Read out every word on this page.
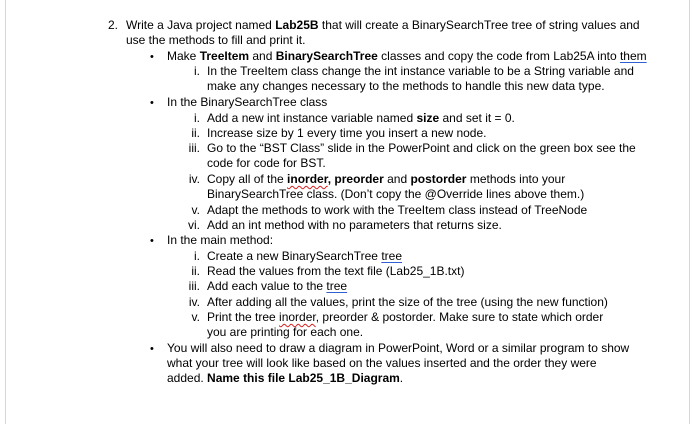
2. Write a Java project named Lab25B that will create a BinarySearchTree tree of string values and
use the methods to fill and print it.
• Make TreeItem and BinarySearchTree classes and copy the code from Lab25A into them
i. In the TreeItem class change the int instance variable to be a String variable and
make any changes necessary to the methods to handle this new data type.
• In the BinarySearchTree class
i. Add a new int instance variable named size and set it = 0.
ii. Increase size by 1 every time you insert a new node.
iii. Go to the “BST Class” slide in the PowerPoint and click on the green box see the
code for code for BST.
iv. Copy all of the inorder, preorder and postorder methods into your
BinarySearchTree class. (Don’t copy the @Override lines above them.)
v. Adapt the methods to work with the TreeItem class instead of TreeNode
vi. Add an int method with no parameters that returns size.
• In the main method:
i. Create a new BinarySearchTree tree
ii. Read the values from the text file (Lab25_1B.txt)
iii. Add each value to the tree
iv. After adding all the values, print the size of the tree (using the new function)
v. Print the tree inorder, preorder & postorder. Make sure to state which order
you are printing for each one.
• You will also need to draw a diagram in PowerPoint, Word or a similar program to show
what your tree will look like based on the values inserted and the order they were
added. Name this file Lab25_1B_Diagram.
